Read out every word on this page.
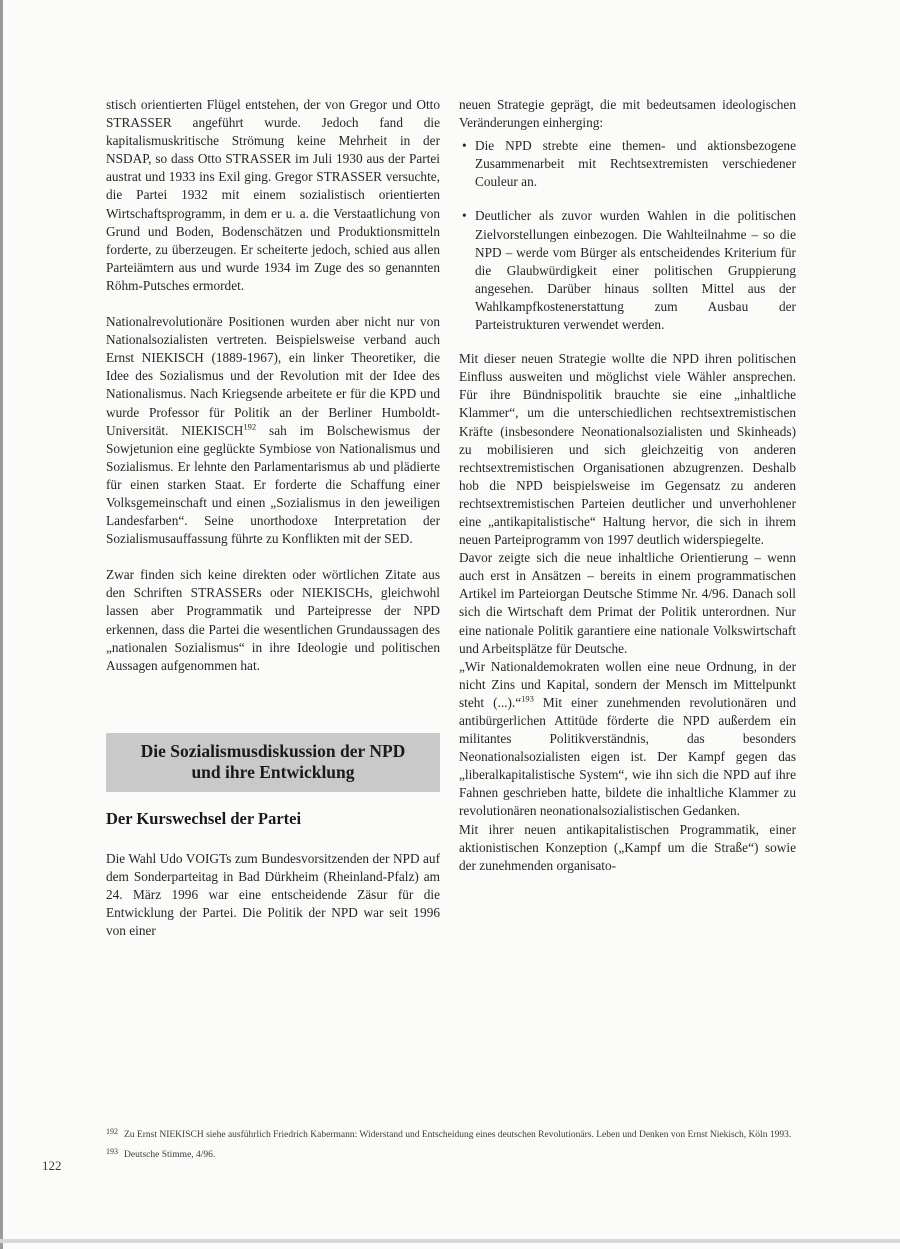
stisch orientierten Flügel entstehen, der von Gregor und Otto STRASSER angeführt wurde. Jedoch fand die kapitalismuskritische Strömung keine Mehrheit in der NSDAP, so dass Otto STRASSER im Juli 1930 aus der Partei austrat und 1933 ins Exil ging. Gregor STRASSER versuchte, die Partei 1932 mit einem sozialistisch orientierten Wirtschaftsprogramm, in dem er u. a. die Verstaatlichung von Grund und Boden, Bodenschätzen und Produktionsmitteln forderte, zu überzeugen. Er scheiterte jedoch, schied aus allen Parteiämtern aus und wurde 1934 im Zuge des so genannten Röhm-Putsches ermordet.

Nationalrevolutionäre Positionen wurden aber nicht nur von Nationalsozialisten vertreten. Beispielsweise verband auch Ernst NIEKISCH (1889-1967), ein linker Theoretiker, die Idee des Sozialismus und der Revolution mit der Idee des Nationalismus. Nach Kriegsende arbeitete er für die KPD und wurde Professor für Politik an der Berliner Humboldt-Universität. NIEKISCH$^{192}$ sah im Bolschewismus der Sowjetunion eine geglückte Symbiose von Nationalismus und Sozialismus. Er lehnte den Parlamentarismus ab und plädierte für einen starken Staat. Er forderte die Schaffung einer Volksgemeinschaft und einen „Sozialismus in den jeweiligen Landesfarben“. Seine unorthodoxe Interpretation der Sozialismusauffassung führte zu Konflikten mit der SED.

Zwar finden sich keine direkten oder wörtlichen Zitate aus den Schriften STRASSERs oder NIEKISCHs, gleichwohl lassen aber Programmatik und Parteipresse der NPD erkennen, dass die Partei die wesentlichen Grundaussagen des „nationalen Sozialismus“ in ihre Ideologie und politischen Aussagen aufgenommen hat.

Die Sozialismusdiskussion der NPD
und ihre Entwicklung
Der Kurswechsel der Partei

Die Wahl Udo VOIGTs zum Bundesvorsitzenden der NPD auf dem Sonderparteitag in Bad Dürkheim (Rheinland-Pfalz) am 24. März 1996 war eine entscheidende Zäsur für die Entwicklung der Partei. Die Politik der NPD war seit 1996 von einer

neuen Strategie geprägt, die mit bedeutsamen ideologischen Veränderungen einherging:

• Die NPD strebte eine themen- und aktionsbezogene Zusammenarbeit mit Rechtsextremisten verschiedener Couleur an.
• Deutlicher als zuvor wurden Wahlen in die politischen Zielvorstellungen einbezogen. Die Wahlteilnahme – so die NPD – werde vom Bürger als entscheidendes Kriterium für die Glaubwürdigkeit einer politischen Gruppierung angesehen. Darüber hinaus sollten Mittel aus der Wahlkampfkostenerstattung zum Ausbau der Parteistrukturen verwendet werden.

Mit dieser neuen Strategie wollte die NPD ihren politischen Einfluss ausweiten und möglichst viele Wähler ansprechen. Für ihre Bündnispolitik brauchte sie eine „inhaltliche Klammer“, um die unterschiedlichen rechtsextremistischen Kräfte (insbesondere Neonationalsozialisten und Skinheads) zu mobilisieren und sich gleichzeitig von anderen rechtsextremistischen Organisationen abzugrenzen. Deshalb hob die NPD beispielsweise im Gegensatz zu anderen rechtsextremistischen Parteien deutlicher und unverhohlener eine „antikapitalistische“ Haltung hervor, die sich in ihrem neuen Parteiprogramm von 1997 deutlich widerspiegelte.

Davor zeigte sich die neue inhaltliche Orientierung – wenn auch erst in Ansätzen – bereits in einem programmatischen Artikel im Parteiorgan Deutsche Stimme Nr. 4/96. Danach soll sich die Wirtschaft dem Primat der Politik unterordnen. Nur eine nationale Politik garantiere eine nationale Volkswirtschaft und Arbeitsplätze für Deutsche.

„Wir Nationaldemokraten wollen eine neue Ordnung, in der nicht Zins und Kapital, sondern der Mensch im Mittelpunkt steht (...).“$^{193}$ Mit einer zunehmenden revolutionären und antibürgerlichen Attitüde förderte die NPD außerdem ein militantes Politikverständnis, das besonders Neonationalsozialisten eigen ist. Der Kampf gegen das „liberalkapitalistische System“, wie ihn sich die NPD auf ihre Fahnen geschrieben hatte, bildete die inhaltliche Klammer zu revolutionären neonationalsozialistischen Gedanken.

Mit ihrer neuen antikapitalistischen Programmatik, einer aktionistischen Konzeption („Kampf um die Straße“) sowie der zunehmenden organisato-

192 Zu Ernst NIEKISCH siehe ausführlich Friedrich Kabermann: Widerstand und Entscheidung eines deutschen Revolutionärs. Leben und Denken von Ernst Niekisch, Köln 1993.
193 Deutsche Stimme, 4/96.
122
